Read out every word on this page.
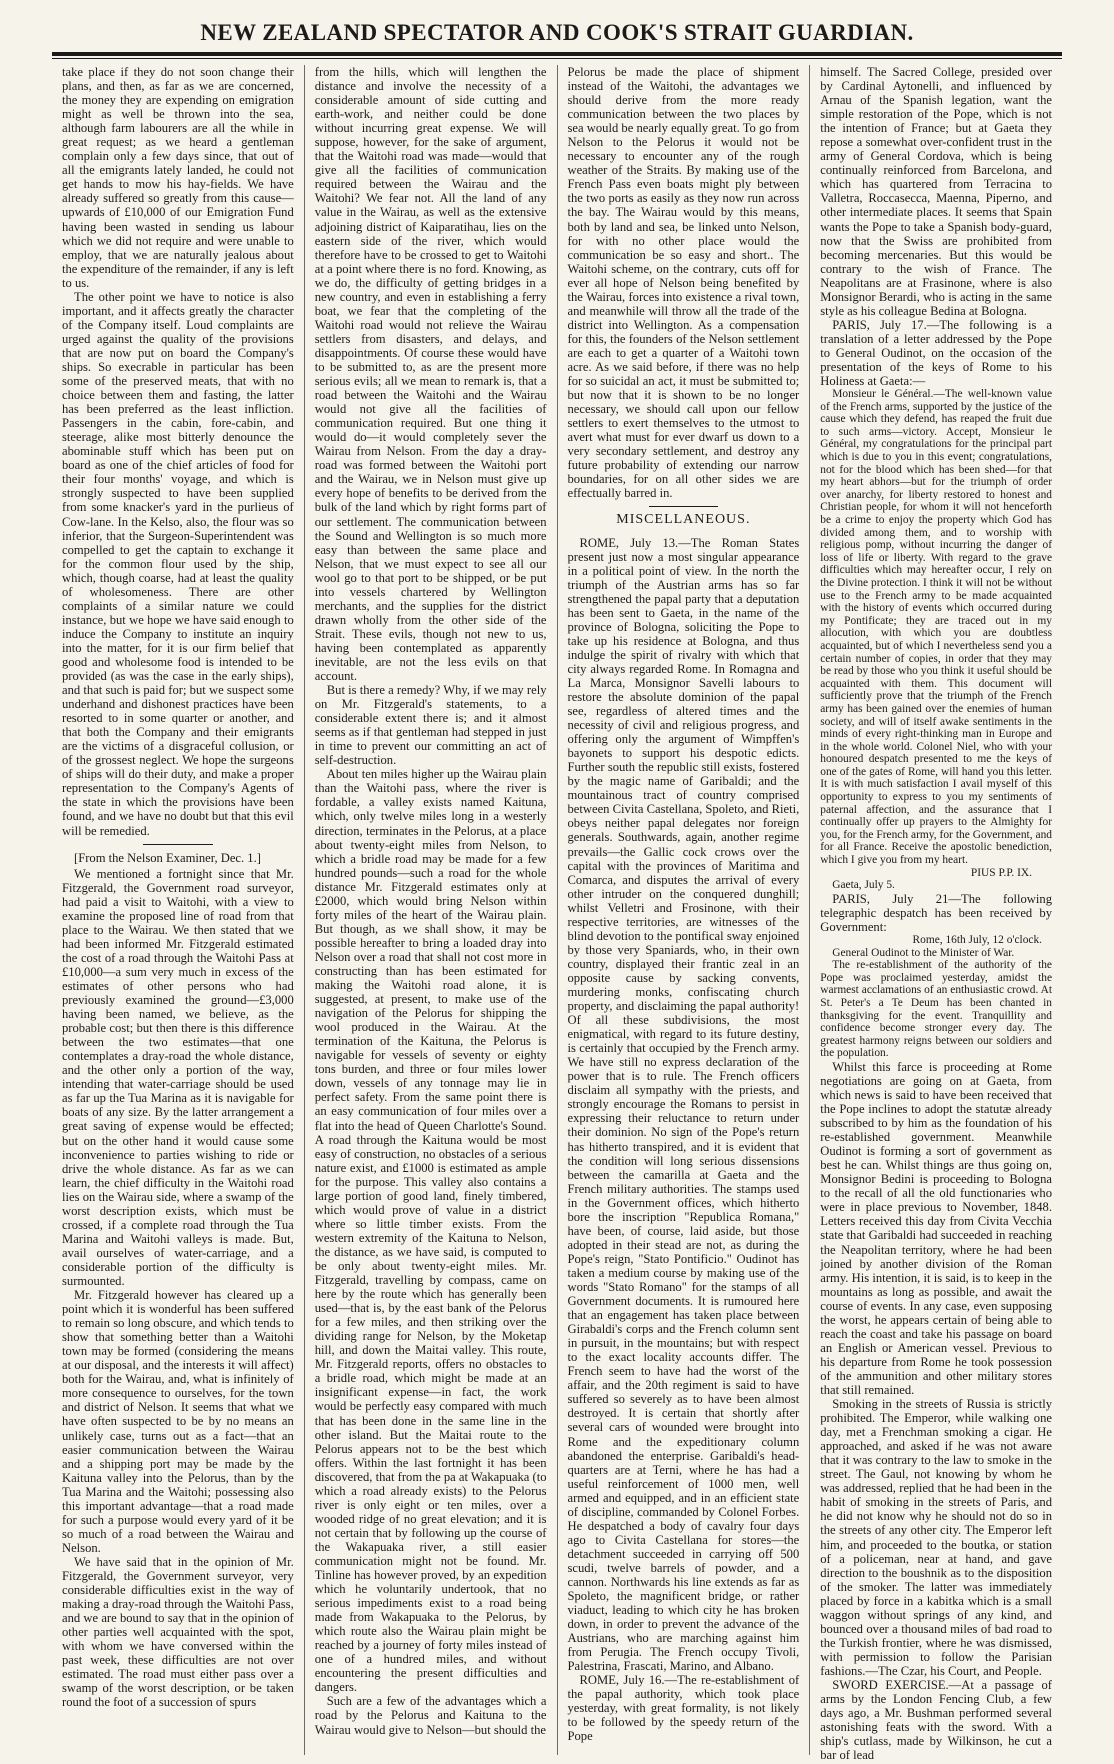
NEW ZEALAND SPECTATOR AND COOK'S STRAIT GUARDIAN.

take place if they do not soon change their plans, and then, as far as we are concerned, the money they are expending on emigration might as well be thrown into the sea, although farm labourers are all the while in great request; as we heard a gentleman complain only a few days since, that out of all the emigrants lately landed, he could not get hands to mow his hay-fields. We have already suffered so greatly from this cause—upwards of £10,000 of our Emigration Fund having been wasted in sending us labour which we did not require and were unable to employ, that we are naturally jealous about the expenditure of the remainder, if any is left to us.

The other point we have to notice is also important, and it affects greatly the character of the Company itself. Loud complaints are urged against the quality of the provisions that are now put on board the Company's ships. So execrable in particular has been some of the preserved meats, that with no choice between them and fasting, the latter has been preferred as the least infliction. Passengers in the cabin, fore-cabin, and steerage, alike most bitterly denounce the abominable stuff which has been put on board as one of the chief articles of food for their four months' voyage, and which is strongly suspected to have been supplied from some knacker's yard in the purlieus of Cow-lane. In the Kelso, also, the flour was so inferior, that the Surgeon-Superintendent was compelled to get the captain to exchange it for the common flour used by the ship, which, though coarse, had at least the quality of wholesomeness. There are other complaints of a similar nature we could instance, but we hope we have said enough to induce the Company to institute an inquiry into the matter, for it is our firm belief that good and wholesome food is intended to be provided (as was the case in the early ships), and that such is paid for; but we suspect some underhand and dishonest practices have been resorted to in some quarter or another, and that both the Company and their emigrants are the victims of a disgraceful collusion, or of the grossest neglect. We hope the surgeons of ships will do their duty, and make a proper representation to the Company's Agents of the state in which the provisions have been found, and we have no doubt but that this evil will be remedied.

[From the Nelson Examiner, Dec. 1.]

We mentioned a fortnight since that Mr. Fitzgerald, the Government road surveyor, had paid a visit to Waitohi, with a view to examine the proposed line of road from that place to the Wairau. We then stated that we had been informed Mr. Fitzgerald estimated the cost of a road through the Waitohi Pass at £10,000—a sum very much in excess of the estimates of other persons who had previously examined the ground—£3,000 having been named, we believe, as the probable cost; but then there is this difference between the two estimates—that one contemplates a dray-road the whole distance, and the other only a portion of the way, intending that water-carriage should be used as far up the Tua Marina as it is navigable for boats of any size. By the latter arrangement a great saving of expense would be effected; but on the other hand it would cause some inconvenience to parties wishing to ride or drive the whole distance. As far as we can learn, the chief difficulty in the Waitohi road lies on the Wairau side, where a swamp of the worst description exists, which must be crossed, if a complete road through the Tua Marina and Waitohi valleys is made. But, avail ourselves of water-carriage, and a considerable portion of the difficulty is surmounted.

Mr. Fitzgerald however has cleared up a point which it is wonderful has been suffered to remain so long obscure, and which tends to show that something better than a Waitohi town may be formed (considering the means at our disposal, and the interests it will affect) both for the Wairau, and, what is infinitely of more consequence to ourselves, for the town and district of Nelson. It seems that what we have often suspected to be by no means an unlikely case, turns out as a fact—that an easier communication between the Wairau and a shipping port may be made by the Kaituna valley into the Pelorus, than by the Tua Marina and the Waitohi; possessing also this important advantage—that a road made for such a purpose would every yard of it be so much of a road between the Wairau and Nelson.

We have said that in the opinion of Mr. Fitzgerald, the Government surveyor, very considerable difficulties exist in the way of making a dray-road through the Waitohi Pass, and we are bound to say that in the opinion of other parties well acquainted with the spot, with whom we have conversed within the past week, these difficulties are not over estimated. The road must either pass over a swamp of the worst description, or be taken round the foot of a succession of spurs

from the hills, which will lengthen the distance and involve the necessity of a considerable amount of side cutting and earth-work, and neither could be done without incurring great expense. We will suppose, however, for the sake of argument, that the Waitohi road was made—would that give all the facilities of communication required between the Wairau and the Waitohi? We fear not. All the land of any value in the Wairau, as well as the extensive adjoining district of Kaiparatihau, lies on the eastern side of the river, which would therefore have to be crossed to get to Waitohi at a point where there is no ford. Knowing, as we do, the difficulty of getting bridges in a new country, and even in establishing a ferry boat, we fear that the completing of the Waitohi road would not relieve the Wairau settlers from disasters, and delays, and disappointments. Of course these would have to be submitted to, as are the present more serious evils; all we mean to remark is, that a road between the Waitohi and the Wairau would not give all the facilities of communication required. But one thing it would do—it would completely sever the Wairau from Nelson. From the day a dray-road was formed between the Waitohi port and the Wairau, we in Nelson must give up every hope of benefits to be derived from the bulk of the land which by right forms part of our settlement. The communication between the Sound and Wellington is so much more easy than between the same place and Nelson, that we must expect to see all our wool go to that port to be shipped, or be put into vessels chartered by Wellington merchants, and the supplies for the district drawn wholly from the other side of the Strait. These evils, though not new to us, having been contemplated as apparently inevitable, are not the less evils on that account.

But is there a remedy? Why, if we may rely on Mr. Fitzgerald's statements, to a considerable extent there is; and it almost seems as if that gentleman had stepped in just in time to prevent our committing an act of self-destruction.

About ten miles higher up the Wairau plain than the Waitohi pass, where the river is fordable, a valley exists named Kaituna, which, only twelve miles long in a westerly direction, terminates in the Pelorus, at a place about twenty-eight miles from Nelson, to which a bridle road may be made for a few hundred pounds—such a road for the whole distance Mr. Fitzgerald estimates only at £2000, which would bring Nelson within forty miles of the heart of the Wairau plain. But though, as we shall show, it may be possible hereafter to bring a loaded dray into Nelson over a road that shall not cost more in constructing than has been estimated for making the Waitohi road alone, it is suggested, at present, to make use of the navigation of the Pelorus for shipping the wool produced in the Wairau. At the termination of the Kaituna, the Pelorus is navigable for vessels of seventy or eighty tons burden, and three or four miles lower down, vessels of any tonnage may lie in perfect safety. From the same point there is an easy communication of four miles over a flat into the head of Queen Charlotte's Sound. A road through the Kaituna would be most easy of construction, no obstacles of a serious nature exist, and £1000 is estimated as ample for the purpose. This valley also contains a large portion of good land, finely timbered, which would prove of value in a district where so little timber exists. From the western extremity of the Kaituna to Nelson, the distance, as we have said, is computed to be only about twenty-eight miles. Mr. Fitzgerald, travelling by compass, came on here by the route which has generally been used—that is, by the east bank of the Pelorus for a few miles, and then striking over the dividing range for Nelson, by the Moketap hill, and down the Maitai valley. This route, Mr. Fitzgerald reports, offers no obstacles to a bridle road, which might be made at an insignificant expense—in fact, the work would be perfectly easy compared with much that has been done in the same line in the other island. But the Maitai route to the Pelorus appears not to be the best which offers. Within the last fortnight it has been discovered, that from the pa at Wakapuaka (to which a road already exists) to the Pelorus river is only eight or ten miles, over a wooded ridge of no great elevation; and it is not certain that by following up the course of the Wakapuaka river, a still easier communication might not be found. Mr. Tinline has however proved, by an expedition which he voluntarily undertook, that no serious impediments exist to a road being made from Wakapuaka to the Pelorus, by which route also the Wairau plain might be reached by a journey of forty miles instead of one of a hundred miles, and without encountering the present difficulties and dangers.

Such are a few of the advantages which a road by the Pelorus and Kaituna to the Wairau would give to Nelson—but should the

Pelorus be made the place of shipment instead of the Waitohi, the advantages we should derive from the more ready communication between the two places by sea would be nearly equally great. To go from Nelson to the Pelorus it would not be necessary to encounter any of the rough weather of the Straits. By making use of the French Pass even boats might ply between the two ports as easily as they now run across the bay. The Wairau would by this means, both by land and sea, be linked unto Nelson, for with no other place would the communication be so easy and short.. The Waitohi scheme, on the contrary, cuts off for ever all hope of Nelson being benefited by the Wairau, forces into existence a rival town, and meanwhile will throw all the trade of the district into Wellington. As a compensation for this, the founders of the Nelson settlement are each to get a quarter of a Waitohi town acre. As we said before, if there was no help for so suicidal an act, it must be submitted to; but now that it is shown to be no longer necessary, we should call upon our fellow settlers to exert themselves to the utmost to avert what must for ever dwarf us down to a very secondary settlement, and destroy any future probability of extending our narrow boundaries, for on all other sides we are effectually barred in.

MISCELLANEOUS.

ROME, July 13.—The Roman States present just now a most singular appearance in a political point of view. In the north the triumph of the Austrian arms has so far strengthened the papal party that a deputation has been sent to Gaeta, in the name of the province of Bologna, soliciting the Pope to take up his residence at Bologna, and thus indulge the spirit of rivalry with which that city always regarded Rome. In Romagna and La Marca, Monsignor Savelli labours to restore the absolute dominion of the papal see, regardless of altered times and the necessity of civil and religious progress, and offering only the argument of Wimpffen's bayonets to support his despotic edicts. Further south the republic still exists, fostered by the magic name of Garibaldi; and the mountainous tract of country comprised between Civita Castellana, Spoleto, and Rieti, obeys neither papal delegates nor foreign generals. Southwards, again, another regime prevails—the Gallic cock crows over the capital with the provinces of Maritima and Comarca, and disputes the arrival of every other intruder on the conquered dunghill; whilst Velletri and Frosinone, with their respective territories, are witnesses of the blind devotion to the pontifical sway enjoined by those very Spaniards, who, in their own country, displayed their frantic zeal in an opposite cause by sacking convents, murdering monks, confiscating church property, and disclaiming the papal authority! Of all these subdivisions, the most enigmatical, with regard to its future destiny, is certainly that occupied by the French army. We have still no express declaration of the power that is to rule. The French officers disclaim all sympathy with the priests, and strongly encourage the Romans to persist in expressing their reluctance to return under their dominion. No sign of the Pope's return has hitherto transpired, and it is evident that the condition will long serious dissensions between the camarilla at Gaeta and the French military authorities. The stamps used in the Government offices, which hitherto bore the inscription "Republica Romana," have been, of course, laid aside, but those adopted in their stead are not, as during the Pope's reign, "Stato Pontificio." Oudinot has taken a medium course by making use of the words "Stato Romano" for the stamps of all Government documents. It is rumoured here that an engagement has taken place between Girabaldi's corps and the French column sent in pursuit, in the mountains; but with respect to the exact locality accounts differ. The French seem to have had the worst of the affair, and the 20th regiment is said to have suffered so severely as to have been almost destroyed. It is certain that shortly after several cars of wounded were brought into Rome and the expeditionary column abandoned the enterprise. Garibaldi's head-quarters are at Terni, where he has had a useful reinforcement of 1000 men, well armed and equipped, and in an efficient state of discipline, commanded by Colonel Forbes. He despatched a body of cavalry four days ago to Civita Castellana for stores—the detachment succeeded in carrying off 500 scudi, twelve barrels of powder, and a cannon. Northwards his line extends as far as Spoleto, the magnificent bridge, or rather viaduct, leading to which city he has broken down, in order to prevent the advance of the Austrians, who are marching against him from Perugia. The French occupy Tivoli, Palestrina, Frascati, Marino, and Albano.

ROME, July 16.—The re-establishment of the papal authority, which took place yesterday, with great formality, is not likely to be followed by the speedy return of the Pope

himself. The Sacred College, presided over by Cardinal Aytonelli, and influenced by Arnau of the Spanish legation, want the simple restoration of the Pope, which is not the intention of France; but at Gaeta they repose a somewhat over-confident trust in the army of General Cordova, which is being continually reinforced from Barcelona, and which has quartered from Terracina to Valletra, Roccasecca, Maenna, Piperno, and other intermediate places. It seems that Spain wants the Pope to take a Spanish body-guard, now that the Swiss are prohibited from becoming mercenaries. But this would be contrary to the wish of France. The Neapolitans are at Frasinone, where is also Monsignor Berardi, who is acting in the same style as his colleague Bedina at Bologna.

PARIS, July 17.—The following is a translation of a letter addressed by the Pope to General Oudinot, on the occasion of the presentation of the keys of Rome to his Holiness at Gaeta:—

Monsieur le Général.—The well-known value of the French arms, supported by the justice of the cause which they defend, has reaped the fruit due to such arms—victory. Accept, Monsieur le Général, my congratulations for the principal part which is due to you in this event; congratulations, not for the blood which has been shed—for that my heart abhors—but for the triumph of order over anarchy, for liberty restored to honest and Christian people, for whom it will not henceforth be a crime to enjoy the property which God has divided among them, and to worship with religious pomp, without incurring the danger of loss of life or liberty. With regard to the grave difficulties which may hereafter occur, I rely on the Divine protection. I think it will not be without use to the French army to be made acquainted with the history of events which occurred during my Pontificate; they are traced out in my allocution, with which you are doubtless acquainted, but of which I nevertheless send you a certain number of copies, in order that they may be read by those who you think it useful should be acquainted with them. This document will sufficiently prove that the triumph of the French army has been gained over the enemies of human society, and will of itself awake sentiments in the minds of every right-thinking man in Europe and in the whole world. Colonel Niel, who with your honoured despatch presented to me the keys of one of the gates of Rome, will hand you this letter. It is with much satisfaction I avail myself of this opportunity to express to you my sentiments of paternal affection, and the assurance that I continually offer up prayers to the Almighty for you, for the French army, for the Government, and for all France. Receive the apostolic benediction, which I give you from my heart.

PIUS P.P. IX.

Gaeta, July 5.

PARIS, July 21—The following telegraphic despatch has been received by Government:

Rome, 16th July, 12 o'clock.

General Oudinot to the Minister of War.

The re-establishment of the authority of the Pope was proclaimed yesterday, amidst the warmest acclamations of an enthusiastic crowd. At St. Peter's a Te Deum has been chanted in thanksgiving for the event. Tranquillity and confidence become stronger every day. The greatest harmony reigns between our soldiers and the population.

Whilst this farce is proceeding at Rome negotiations are going on at Gaeta, from which news is said to have been received that the Pope inclines to adopt the statutæ already subscribed to by him as the foundation of his re-established government. Meanwhile Oudinot is forming a sort of government as best he can. Whilst things are thus going on, Monsignor Bedini is proceeding to Bologna to the recall of all the old functionaries who were in place previous to November, 1848. Letters received this day from Civita Vecchia state that Garibaldi had succeeded in reaching the Neapolitan territory, where he had been joined by another division of the Roman army. His intention, it is said, is to keep in the mountains as long as possible, and await the course of events. In any case, even supposing the worst, he appears certain of being able to reach the coast and take his passage on board an English or American vessel. Previous to his departure from Rome he took possession of the ammunition and other military stores that still remained.

Smoking in the streets of Russia is strictly prohibited. The Emperor, while walking one day, met a Frenchman smoking a cigar. He approached, and asked if he was not aware that it was contrary to the law to smoke in the street. The Gaul, not knowing by whom he was addressed, replied that he had been in the habit of smoking in the streets of Paris, and he did not know why he should not do so in the streets of any other city. The Emperor left him, and proceeded to the boutka, or station of a policeman, near at hand, and gave direction to the boushnik as to the disposition of the smoker. The latter was immediately placed by force in a kabitka which is a small waggon without springs of any kind, and bounced over a thousand miles of bad road to the Turkish frontier, where he was dismissed, with permission to follow the Parisian fashions.—The Czar, his Court, and People.

SWORD EXERCISE.—At a passage of arms by the London Fencing Club, a few days ago, a Mr. Bushman performed several astonishing feats with the sword. With a ship's cutlass, made by Wilkinson, he cut a bar of lead
